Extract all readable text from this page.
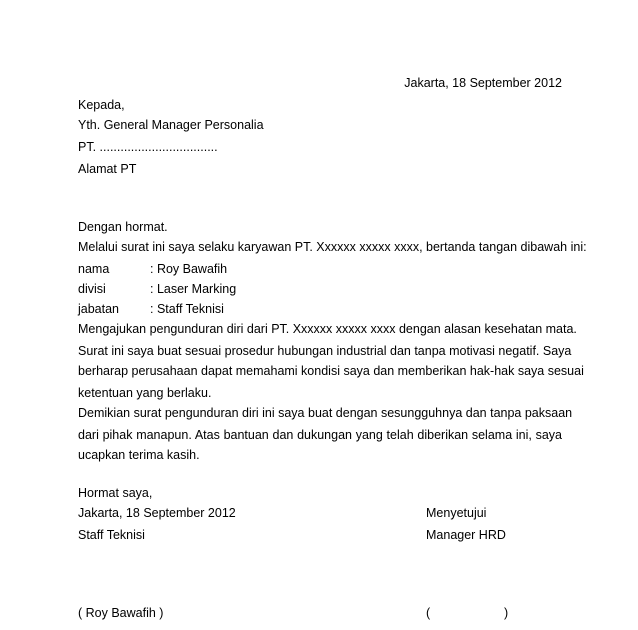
Jakarta, 18 September 2012
Kepada,
Yth. General Manager Personalia
PT. ..................................
Alamat PT
Dengan hormat.
Melalui surat ini saya selaku karyawan PT. Xxxxxx xxxxx xxxx, bertanda tangan dibawah ini:
nama	: Roy Bawafih
divisi	: Laser Marking
jabatan : Staff Teknisi
Mengajukan pengunduran diri dari PT. Xxxxxx xxxxx xxxx dengan alasan kesehatan mata.
Surat ini saya buat sesuai prosedur hubungan industrial dan tanpa motivasi negatif. Saya
berharap perusahaan dapat memahami kondisi saya dan memberikan hak-hak saya sesuai
ketentuan yang berlaku.
Demikian surat pengunduran diri ini saya buat dengan sesungguhnya dan tanpa paksaan
dari pihak manapun. Atas bantuan dan dukungan yang telah diberikan selama ini, saya
ucapkan terima kasih.
Hormat saya,
Jakarta, 18 September 2012	Menyetujui
Staff Teknisi	Manager HRD
( Roy Bawafih )	(	)
